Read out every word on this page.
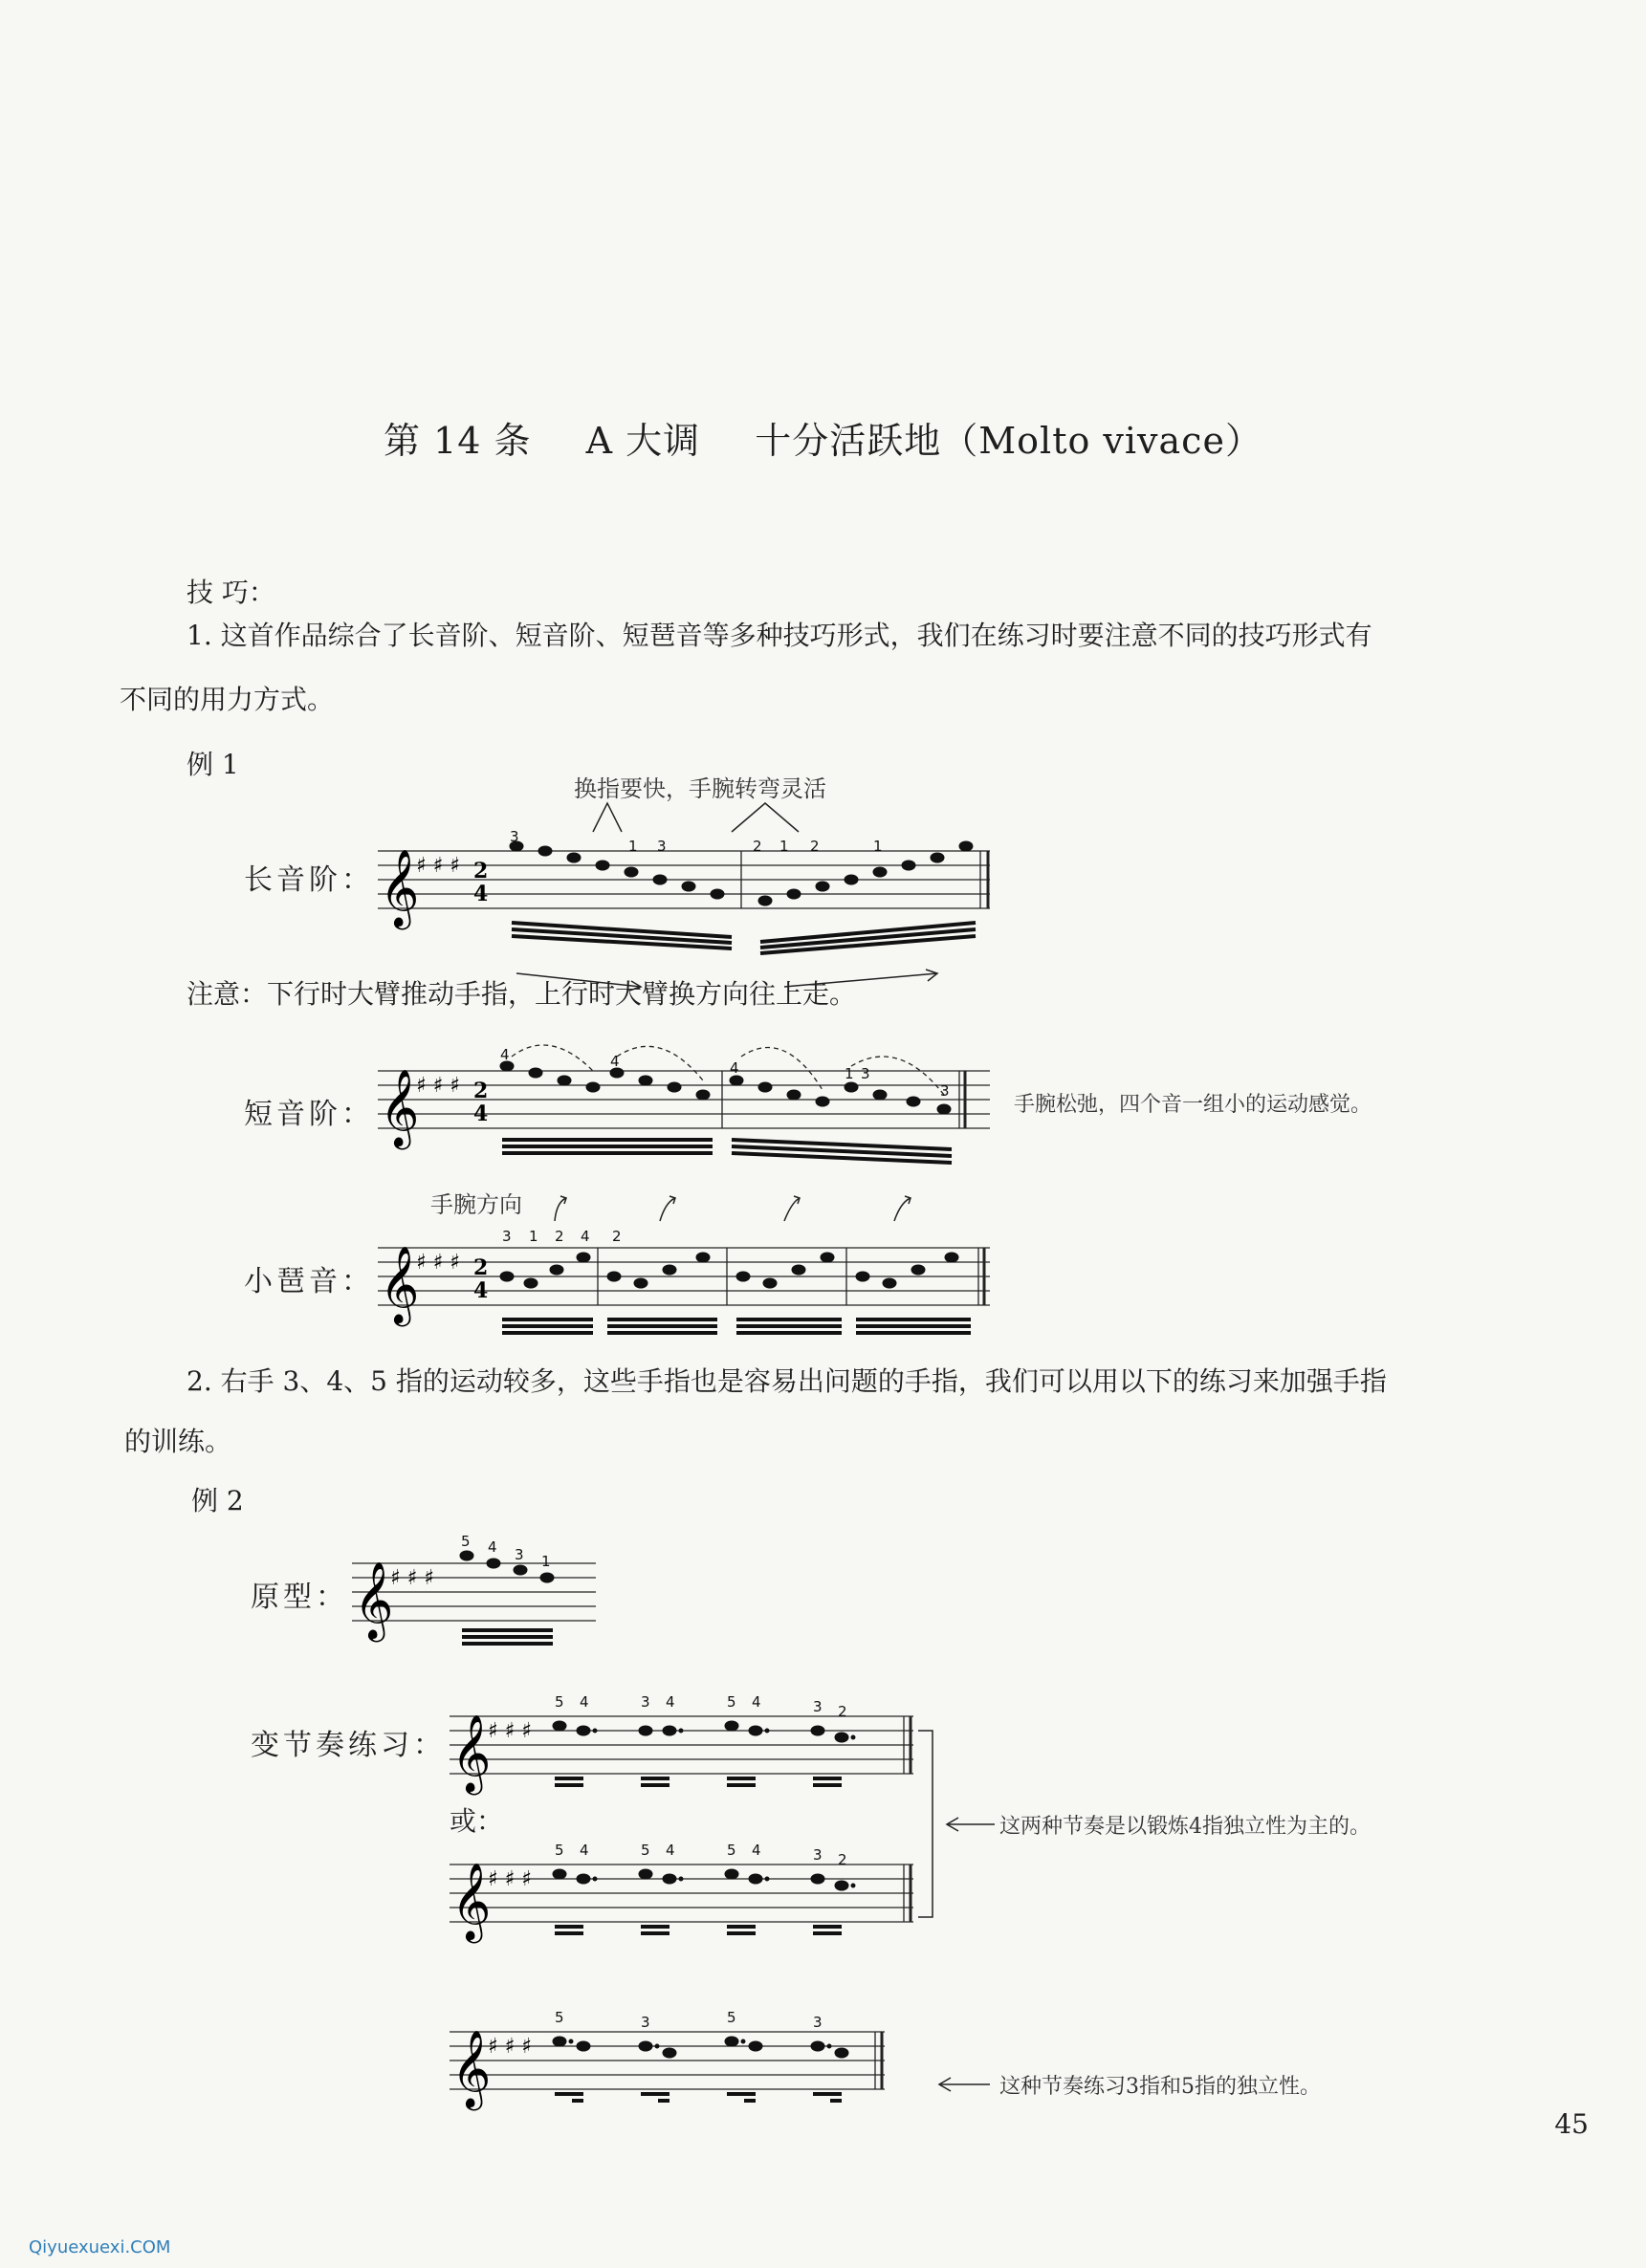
第 14 条 A 大调 十分活跃地（Molto vivace）
技 巧：
1. 这首作品综合了长音阶、短音阶、短琶音等多种技巧形式，我们在练习时要注意不同的技巧形式有
不同的用力方式。
例 1
换指要快，手腕转弯灵活
长音阶： 𝄞
♯ ♯ ♯ 2
4
3
1 3	2 1 2	1
注意：下行时大臂推动手指，上行时大臂换方向往上走。
短音阶： 𝄞
♯ ♯ ♯ 2
4
4	4	4	1 3
3
手腕松弛，四个音一组小的运动感觉。
手腕方向
小琶音： 𝄞
♯ ♯ ♯ 2
4
3 1 2 4 2
2. 右手 3、4、5 指的运动较多，这些手指也是容易出问题的手指，我们可以用以下的练习来加强手指
的训练。
例 2
原型： 𝄞
♯ ♯ ♯
5 4 3 1
变节奏练习： 𝄞
♯ ♯ ♯
5 4	3 4	5 4	3 2
或：
𝄞
♯ ♯ ♯
5 4	5 4	5 4	3 2
这两种节奏是以锻炼4指独立性为主的。
𝄞
♯ ♯ ♯
5	3	5	3
这种节奏练习3指和5指的独立性。
45
Qiyuexuexi.COM
